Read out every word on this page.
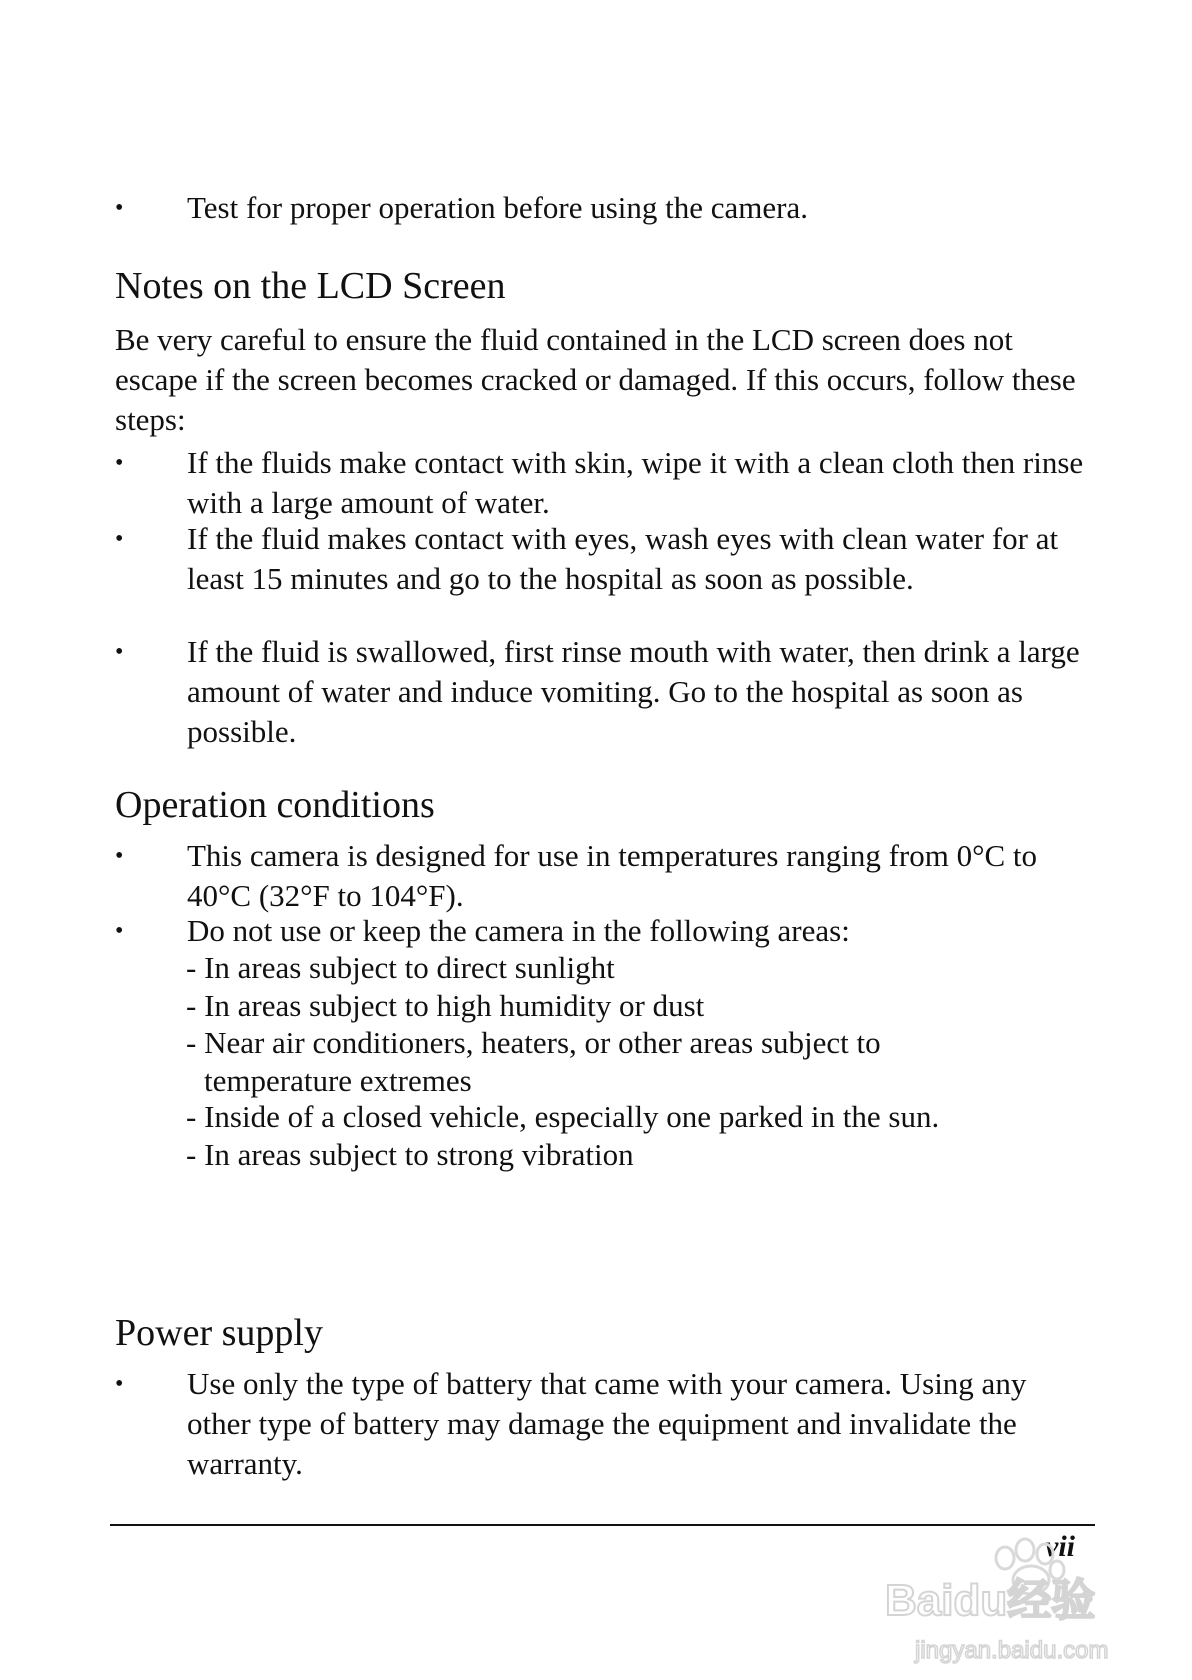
•	Test for proper operation before using the camera.
Notes on the LCD Screen
Be very careful to ensure the fluid contained in the LCD screen does not escape if the screen becomes cracked or damaged. If this occurs, follow these steps:
•	If the fluids make contact with skin, wipe it with a clean cloth then rinse with a large amount of water.
•	If the fluid makes contact with eyes, wash eyes with clean water for at least 15 minutes and go to the hospital as soon as possible.
•	If the fluid is swallowed, first rinse mouth with water, then drink a large amount of water and induce vomiting. Go to the hospital as soon as possible.
Operation conditions
•	This camera is designed for use in temperatures ranging from 0°C to 40°C (32°F to 104°F).
•	Do not use or keep the camera in the following areas:
- In areas subject to direct sunlight
- In areas subject to high humidity or dust
- Near air conditioners, heaters, or other areas subject to
temperature extremes
- Inside of a closed vehicle, especially one parked in the sun.
- In areas subject to strong vibration
Power supply
•	Use only the type of battery that came with your camera. Using any other type of battery may damage the equipment and invalidate the warranty.
vii
Baidu经验
jingyan.baidu.com
